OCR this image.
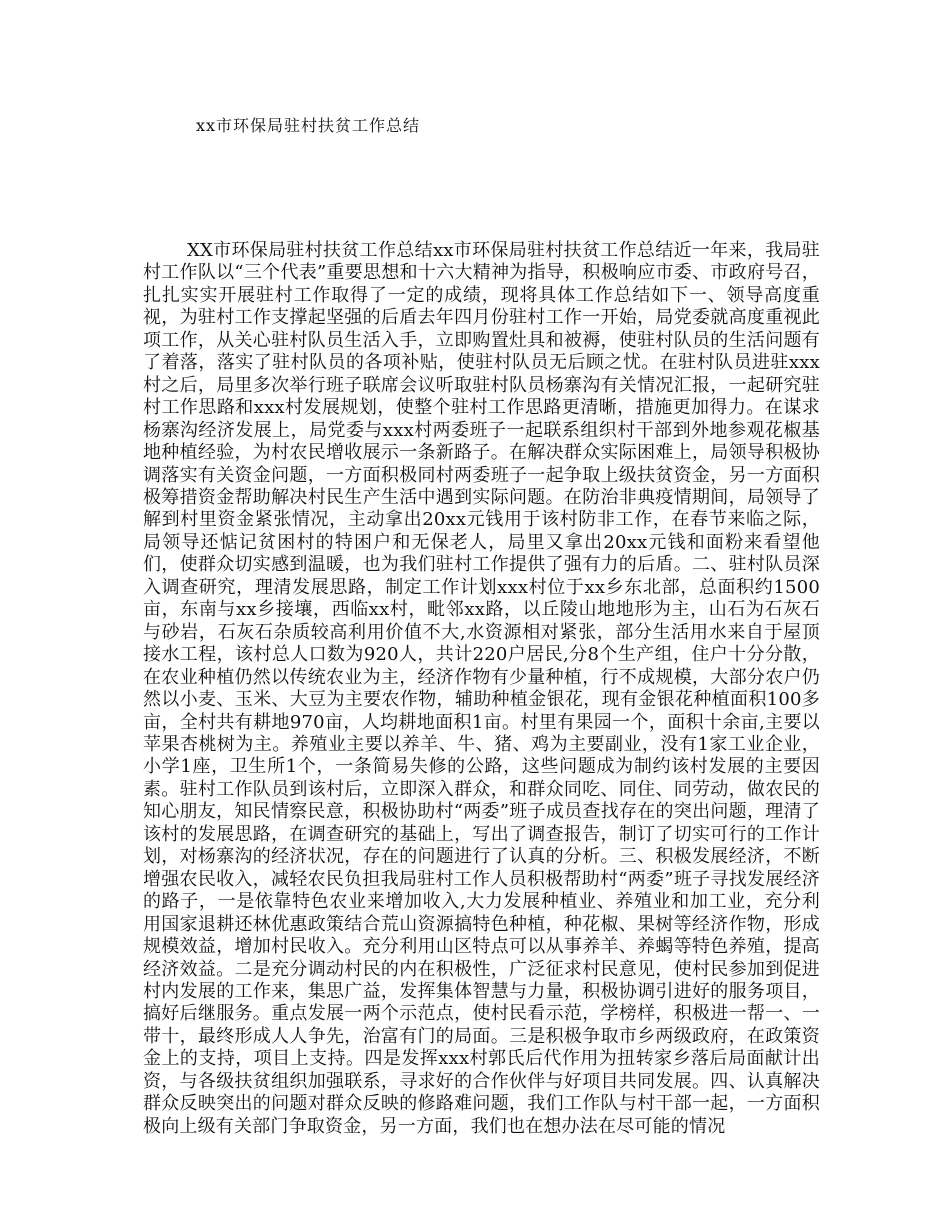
xx市环保局驻村扶贫工作总结

XX市环保局驻村扶贫工作总结xx市环保局驻村扶贫工作总结近一年来，我局驻村工作队以“三个代表”重要思想和十六大精神为指导，积极响应市委、市政府号召，扎扎实实开展驻村工作取得了一定的成绩，现将具体工作总结如下一、领导高度重视，为驻村工作支撑起坚强的后盾去年四月份驻村工作一开始，局党委就高度重视此项工作，从关心驻村队员生活入手，立即购置灶具和被褥，使驻村队员的生活问题有了着落，落实了驻村队员的各项补贴，使驻村队员无后顾之忧。在驻村队员进驻xxx村之后，局里多次举行班子联席会议听取驻村队员杨寨沟有关情况汇报，一起研究驻村工作思路和xxx村发展规划，使整个驻村工作思路更清晰，措施更加得力。在谋求杨寨沟经济发展上，局党委与xxx村两委班子一起联系组织村干部到外地参观花椒基地种植经验，为村农民增收展示一条新路子。在解决群众实际困难上，局领导积极协调落实有关资金问题，一方面积极同村两委班子一起争取上级扶贫资金，另一方面积极筹措资金帮助解决村民生产生活中遇到实际问题。在防治非典疫情期间，局领导了解到村里资金紧张情况，主动拿出20xx元钱用于该村防非工作，在春节来临之际，局领导还惦记贫困村的特困户和无保老人，局里又拿出20xx元钱和面粉来看望他们，使群众切实感到温暖，也为我们驻村工作提供了强有力的后盾。二、驻村队员深入调查研究，理清发展思路，制定工作计划xxx村位于xx乡东北部，总面积约1500亩，东南与xx乡接壤，西临xx村，毗邻xx路，以丘陵山地地形为主，山石为石灰石与砂岩，石灰石杂质较高利用价值不大,水资源相对紧张，部分生活用水来自于屋顶接水工程，该村总人口数为920人，共计220户居民,分8个生产组，住户十分分散，在农业种植仍然以传统农业为主，经济作物有少量种植，行不成规模，大部分农户仍然以小麦、玉米、大豆为主要农作物，辅助种植金银花，现有金银花种植面积100多亩，全村共有耕地970亩，人均耕地面积1亩。村里有果园一个，面积十余亩,主要以苹果杏桃树为主。养殖业主要以养羊、牛、猪、鸡为主要副业，没有1家工业企业，小学1座，卫生所1个，一条简易失修的公路，这些问题成为制约该村发展的主要因素。驻村工作队员到该村后，立即深入群众，和群众同吃、同住、同劳动，做农民的知心朋友，知民情察民意，积极协助村“两委”班子成员查找存在的突出问题，理清了该村的发展思路，在调查研究的基础上，写出了调查报告，制订了切实可行的工作计划，对杨寨沟的经济状况，存在的问题进行了认真的分析。三、积极发展经济，不断增强农民收入，减轻农民负担我局驻村工作人员积极帮助村“两委”班子寻找发展经济的路子，一是依靠特色农业来增加收入,大力发展种植业、养殖业和加工业，充分利用国家退耕还林优惠政策结合荒山资源搞特色种植，种花椒、果树等经济作物，形成规模效益，增加村民收入。充分利用山区特点可以从事养羊、养蝎等特色养殖，提高经济效益。二是充分调动村民的内在积极性，广泛征求村民意见，使村民参加到促进村内发展的工作来，集思广益，发挥集体智慧与力量，积极协调引进好的服务项目，搞好后继服务。重点发展一两个示范点，使村民看示范，学榜样，积极进一帮一、一带十，最终形成人人争先，治富有门的局面。三是积极争取市乡两级政府，在政策资金上的支持，项目上支持。四是发挥xxx村郭氏后代作用为扭转家乡落后局面献计出资，与各级扶贫组织加强联系，寻求好的合作伙伴与好项目共同发展。四、认真解决群众反映突出的问题对群众反映的修路难问题，我们工作队与村干部一起，一方面积极向上级有关部门争取资金，另一方面，我们也在想办法在尽可能的情况
